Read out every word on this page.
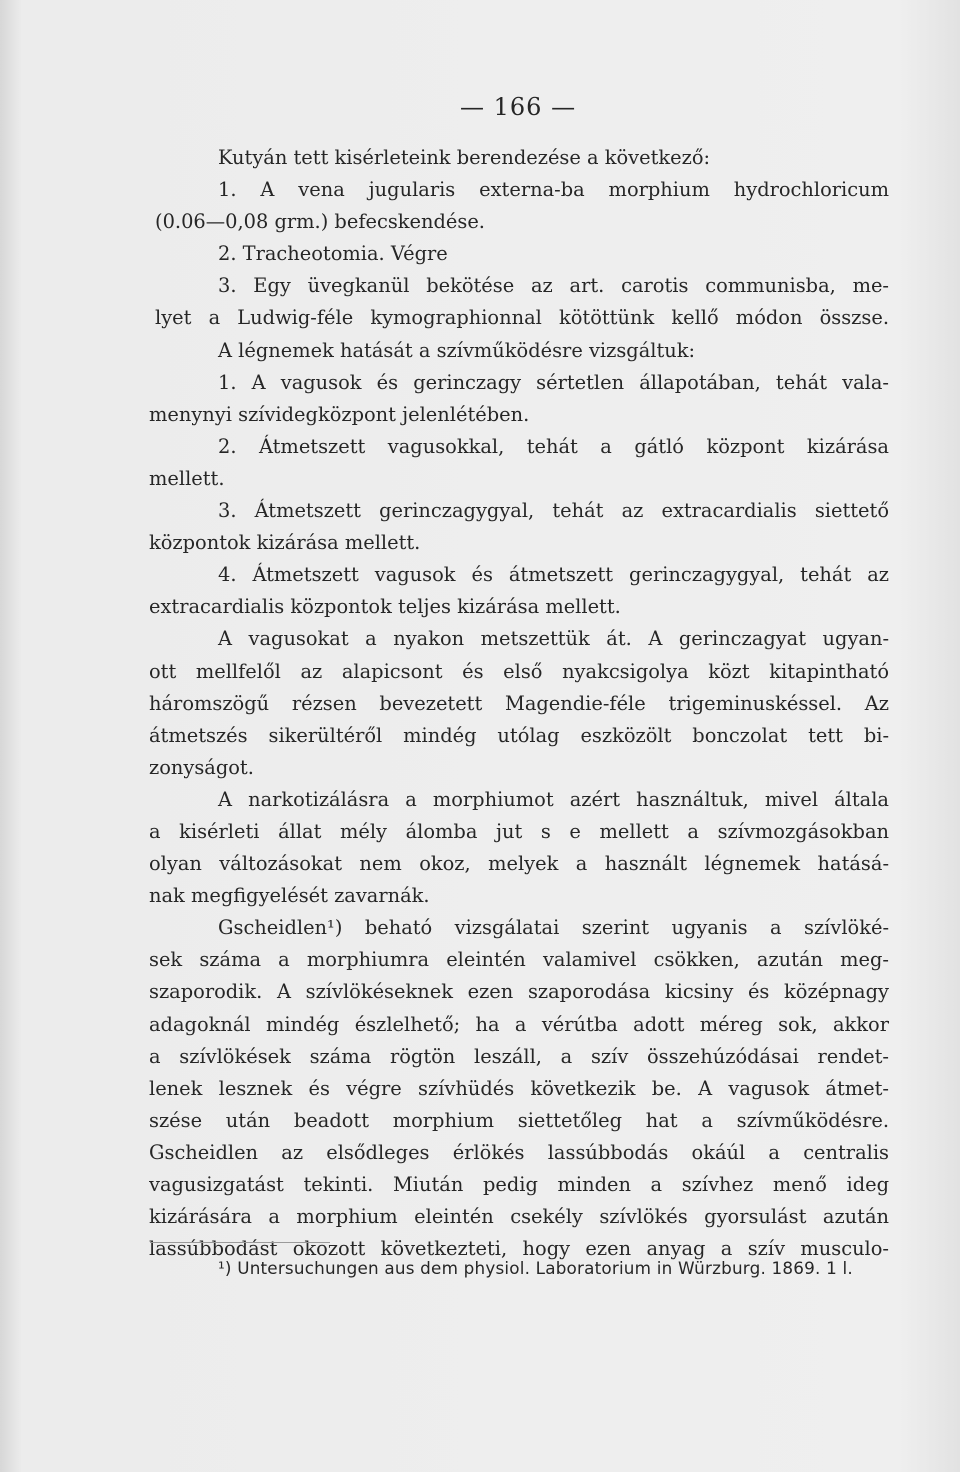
— 166 —
Kutyán tett kisérleteink berendezése a következő:
1. A vena jugularis externa-ba morphium hydrochloricum
(0.06—0,08 grm.) befecskendése.
2. Tracheotomia. Végre
3. Egy üvegkanül bekötése az art. carotis communisba, me-
lyet a Ludwig-féle kymographionnal kötöttünk kellő módon összse.
A légnemek hatását a szívműködésre vizsgáltuk:
1. A vagusok és gerinczagy sértetlen állapotában, tehát vala-
menynyi szívidegközpont jelenlétében.
2. Átmetszett vagusokkal, tehát a gátló központ kizárása
mellett.
3. Átmetszett gerinczagygyal, tehát az extracardialis siettető
központok kizárása mellett.
4. Átmetszett vagusok és átmetszett gerinczagygyal, tehát az
extracardialis központok teljes kizárása mellett.
A vagusokat a nyakon metszettük át. A gerinczagyat ugyan-
ott mellfelől az alapicsont és első nyakcsigolya közt kitapintható
háromszögű rézsen bevezetett Magendie-féle trigeminuskéssel. Az
átmetszés sikerültéről mindég utólag eszközölt bonczolat tett bi-
zonyságot.
A narkotizálásra a morphiumot azért használtuk, mivel általa
a kisérleti állat mély álomba jut s e mellett a szívmozgásokban
olyan változásokat nem okoz, melyek a használt légnemek hatásá-
nak megfigyelését zavarnák.
Gscheidlen¹) beható vizsgálatai szerint ugyanis a szívlöké-
sek száma a morphiumra eleintén valamivel csökken, azután meg-
szaporodik. A szívlökéseknek ezen szaporodása kicsiny és középnagy
adagoknál mindég észlelhető; ha a vérútba adott méreg sok, akkor
a szívlökések száma rögtön leszáll, a szív összehúzódásai rendet-
lenek lesznek és végre szívhüdés következik be. A vagusok átmet-
szése után beadott morphium siettetőleg hat a szívműködésre.
Gscheidlen az elsődleges érlökés lassúbbodás okáúl a centralis
vagusizgatást tekinti. Miután pedig minden a szívhez menő ideg
kizárására a morphium eleintén csekély szívlökés gyorsulást azután
lassúbbodást okozott következteti, hogy ezen anyag a szív musculo-
¹) Untersuchungen aus dem physiol. Laboratorium in Würzburg. 1869. 1 l.
